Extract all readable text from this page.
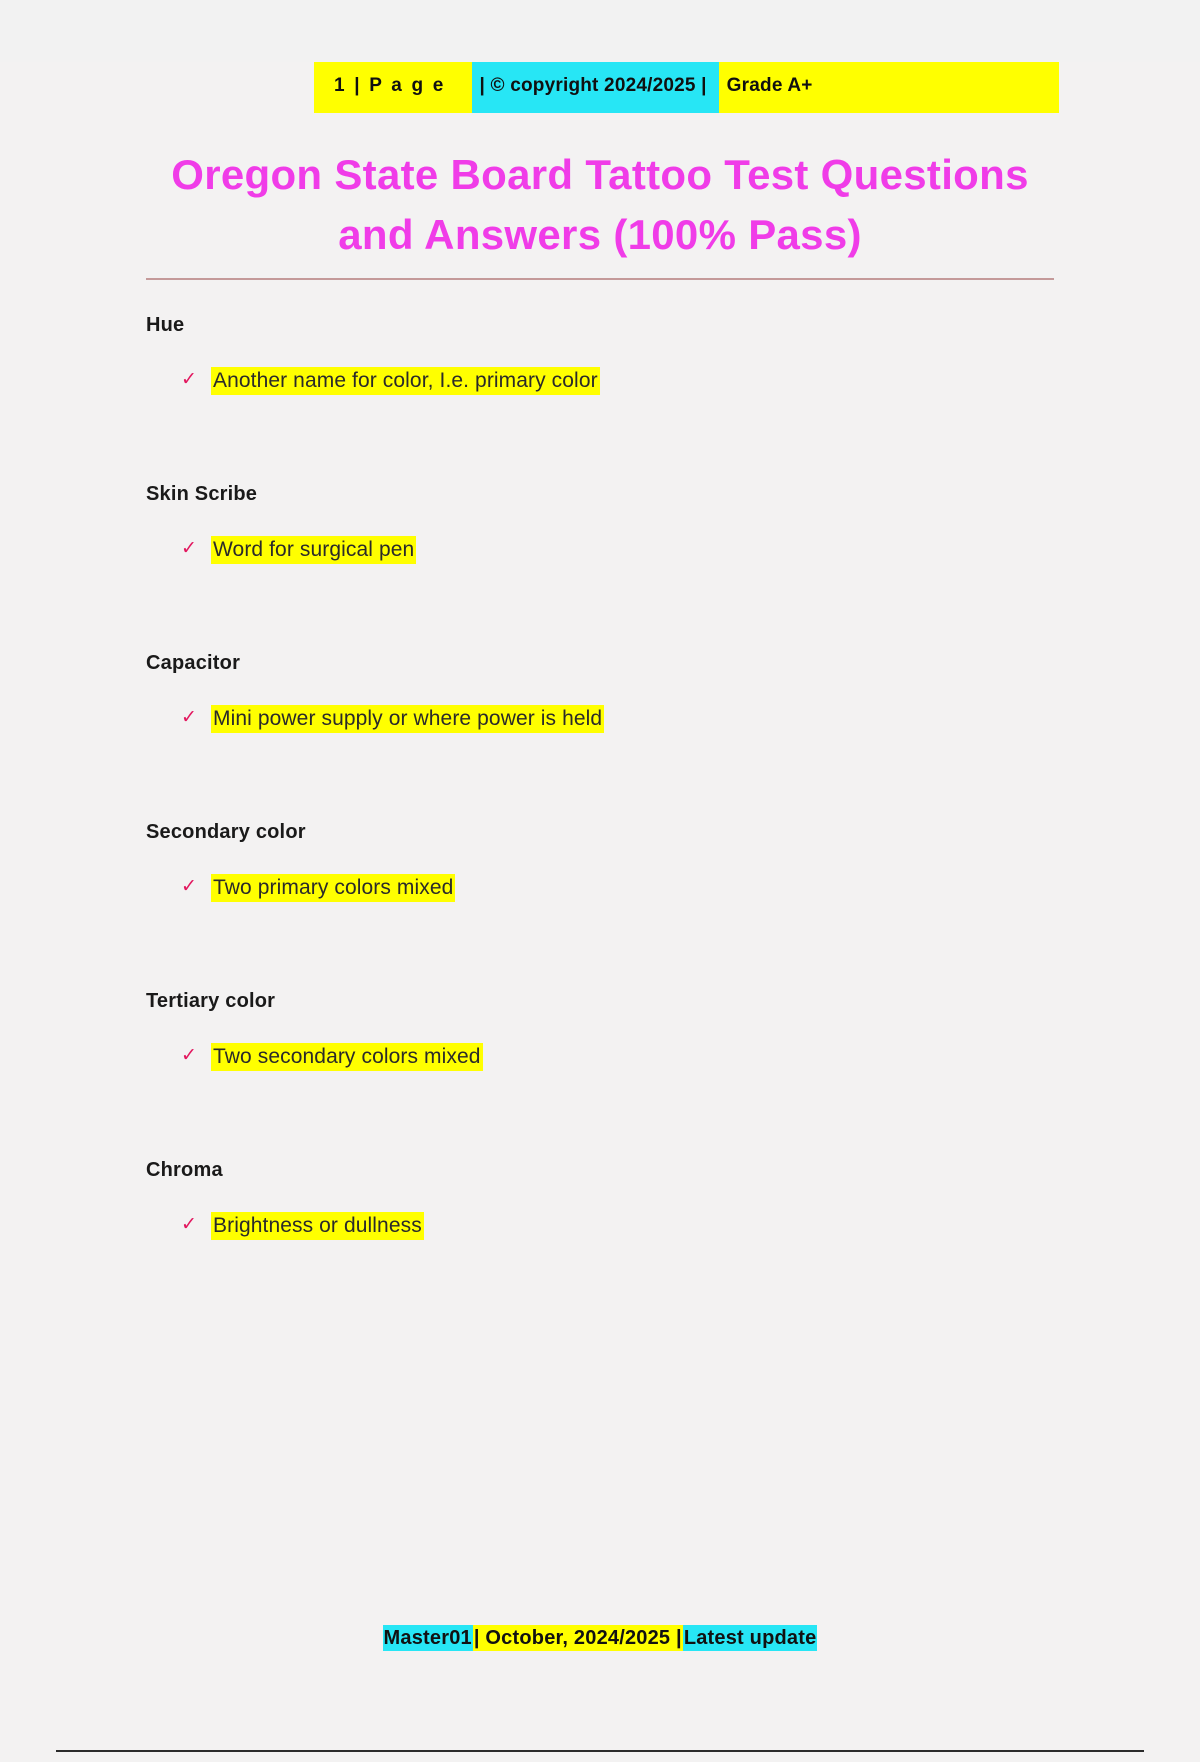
1 | P a g e	| © copyright 2024/2025 |	Grade A+
Oregon State Board Tattoo Test Questions and Answers (100% Pass)
Hue
✓ Another name for color, I.e. primary color
Skin Scribe
✓ Word for surgical pen
Capacitor
✓ Mini power supply or where power is held
Secondary color
✓ Two primary colors mixed
Tertiary color
✓ Two secondary colors mixed
Chroma
✓ Brightness or dullness
Master01 | October, 2024/2025 | Latest update
